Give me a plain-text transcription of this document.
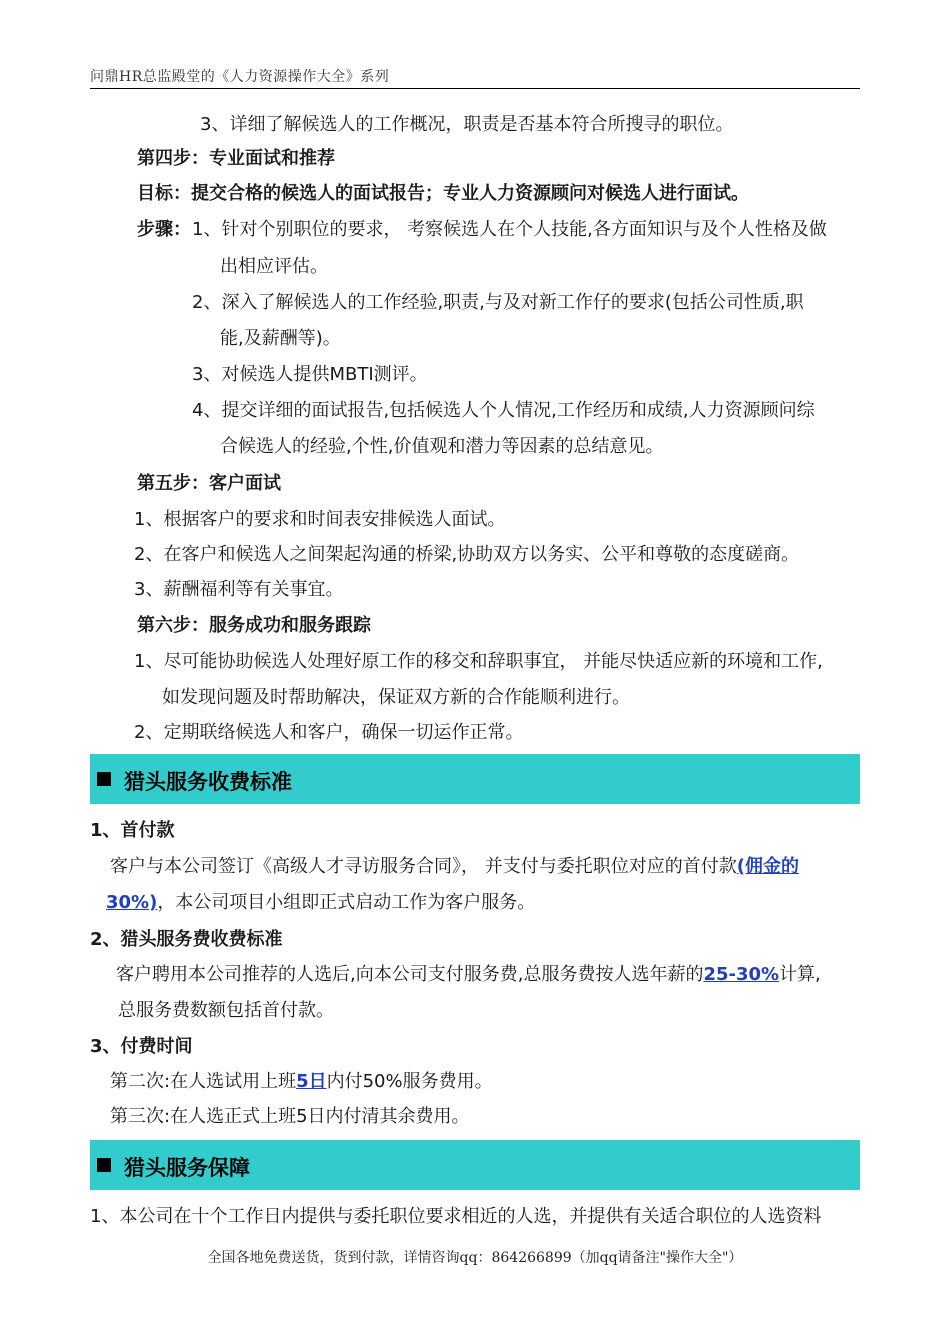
问鼎HR总监殿堂的《人力资源操作大全》系列
3、详细了解候选人的工作概况，职责是否基本符合所搜寻的职位。
第四步：专业面试和推荐
目标：提交合格的候选人的面试报告；专业人力资源顾问对候选人进行面试。
步骤： 1、针对个别职位的要求， 考察候选人在个人技能,各方面知识与及个人性格及做
出相应评估。
2、深入了解候选人的工作经验,职责,与及对新工作仔的要求(包括公司性质,职
能,及薪酬等)。
3、对候选人提供MBTI测评。
4、提交详细的面试报告,包括候选人个人情况,工作经历和成绩,人力资源顾问综
合候选人的经验,个性,价值观和潜力等因素的总结意见。
第五步：客户面试
1、根据客户的要求和时间表安排候选人面试。
2、在客户和候选人之间架起沟通的桥梁,协助双方以务实、公平和尊敬的态度磋商。
3、薪酬福利等有关事宜。
第六步：服务成功和服务跟踪
1、尽可能协助候选人处理好原工作的移交和辞职事宜， 并能尽快适应新的环境和工作,
如发现问题及时帮助解决，保证双方新的合作能顺利进行。
2、定期联络候选人和客户，确保一切运作正常。
猎头服务收费标准
1、首付款
客户与本公司签订《高级人才寻访服务合同》， 并支付与委托职位对应的首付款(佣金的
30%)，本公司项目小组即正式启动工作为客户服务。
2、猎头服务费收费标准
客户聘用本公司推荐的人选后,向本公司支付服务费,总服务费按人选年薪的25-30%计算,
总服务费数额包括首付款。
3、付费时间
第二次:在人选试用上班5日内付50%服务费用。
第三次:在人选正式上班5日内付清其余费用。
猎头服务保障
1、本公司在十个工作日内提供与委托职位要求相近的人选，并提供有关适合职位的人选资料
全国各地免费送货，货到付款，详情咨询qq：864266899（加qq请备注"操作大全"）
